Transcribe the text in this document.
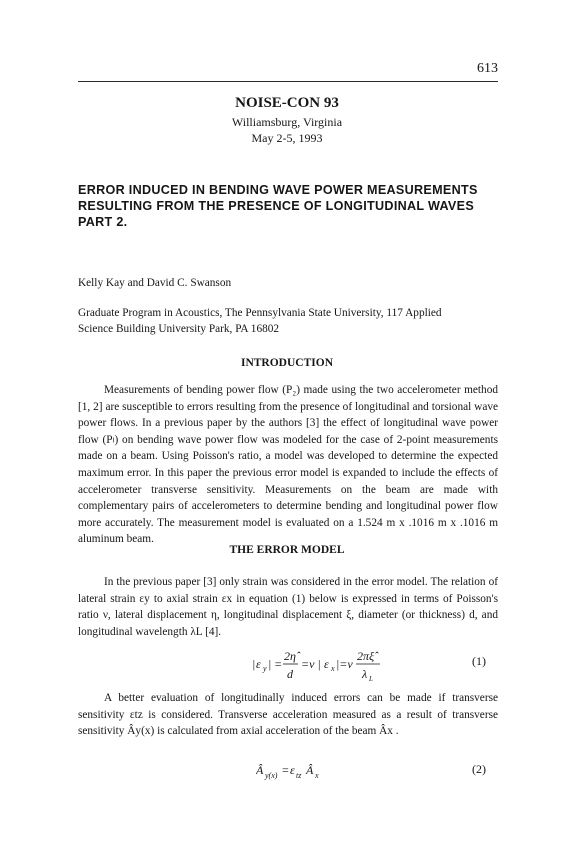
613
NOISE-CON 93
Williamsburg, Virginia
May 2-5, 1993
ERROR INDUCED IN BENDING WAVE POWER MEASUREMENTS
RESULTING FROM THE PRESENCE OF LONGITUDINAL WAVES
PART 2.
Kelly Kay and David C. Swanson
Graduate Program in Acoustics, The Pennsylvania State University, 117 Applied
Science Building University Park, PA 16802
INTRODUCTION
Measurements of bending power flow (P₂) made using the two accelerometer method [1, 2] are susceptible to errors resulting from the presence of longitudinal and torsional wave power flows. In a previous paper by the authors [3] the effect of longitudinal wave power flow (Pₗ) on bending wave power flow was modeled for the case of 2-point measurements made on a beam. Using Poisson's ratio, a model was developed to determine the expected maximum error. In this paper the previous error model is expanded to include the effects of accelerometer transverse sensitivity. Measurements on the beam are made with complementary pairs of accelerometers to determine bending and longitudinal power flow more accurately. The measurement model is evaluated on a 1.524 m x .1016 m x .1016 m aluminum beam.
THE ERROR MODEL
In the previous paper [3] only strain was considered in the error model. The relation of lateral strain εy to axial strain εx in equation (1) below is expressed in terms of Poisson's ratio ν, lateral displacement η, longitudinal displacement ξ, diameter (or thickness) d, and longitudinal wavelength λL [4].
| ε y | =
2η̂
d
=ν | ε x |=ν
2πξ̂
λ L
(1)
A better evaluation of longitudinally induced errors can be made if transverse sensitivity εtz is considered. Transverse acceleration measured as a result of transverse sensitivity Ây(x) is calculated from axial acceleration of the beam Âx .
Â y(x) = ε tz Â x	(2)
